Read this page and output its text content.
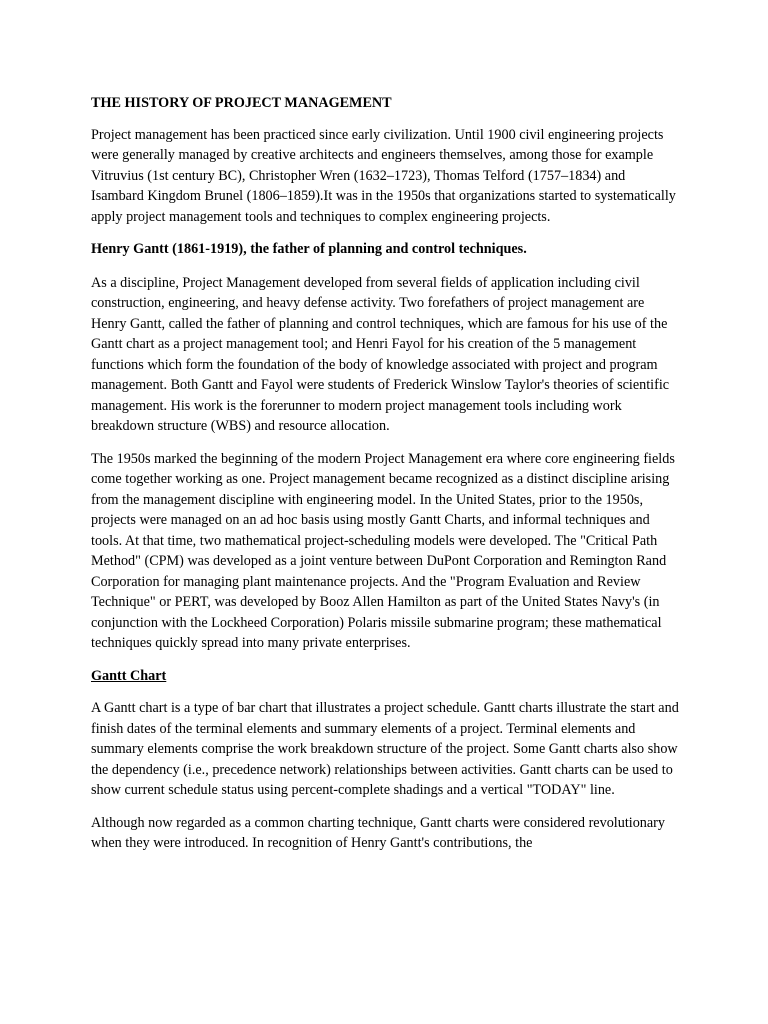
THE HISTORY OF PROJECT MANAGEMENT

Project management has been practiced since early civilization. Until 1900 civil engineering projects were generally managed by creative architects and engineers themselves, among those for example Vitruvius (1st century BC), Christopher Wren (1632–1723), Thomas Telford (1757–1834) and Isambard Kingdom Brunel (1806–1859).It was in the 1950s that organizations started to systematically apply project management tools and techniques to complex engineering projects.

Henry Gantt (1861-1919), the father of planning and control techniques.

As a discipline, Project Management developed from several fields of application including civil construction, engineering, and heavy defense activity. Two forefathers of project management are Henry Gantt, called the father of planning and control techniques, which are famous for his use of the Gantt chart as a project management tool; and Henri Fayol for his creation of the 5 management functions which form the foundation of the body of knowledge associated with project and program management. Both Gantt and Fayol were students of Frederick Winslow Taylor's theories of scientific management. His work is the forerunner to modern project management tools including work breakdown structure (WBS) and resource allocation.

The 1950s marked the beginning of the modern Project Management era where core engineering fields come together working as one. Project management became recognized as a distinct discipline arising from the management discipline with engineering model. In the United States, prior to the 1950s, projects were managed on an ad hoc basis using mostly Gantt Charts, and informal techniques and tools. At that time, two mathematical project-scheduling models were developed. The "Critical Path Method" (CPM) was developed as a joint venture between DuPont Corporation and Remington Rand Corporation for managing plant maintenance projects. And the "Program Evaluation and Review Technique" or PERT, was developed by Booz Allen Hamilton as part of the United States Navy's (in conjunction with the Lockheed Corporation) Polaris missile submarine program; these mathematical techniques quickly spread into many private enterprises.

Gantt Chart

A Gantt chart is a type of bar chart that illustrates a project schedule. Gantt charts illustrate the start and finish dates of the terminal elements and summary elements of a project. Terminal elements and summary elements comprise the work breakdown structure of the project. Some Gantt charts also show the dependency (i.e., precedence network) relationships between activities. Gantt charts can be used to show current schedule status using percent-complete shadings and a vertical "TODAY" line.

Although now regarded as a common charting technique, Gantt charts were considered revolutionary when they were introduced. In recognition of Henry Gantt's contributions, the
